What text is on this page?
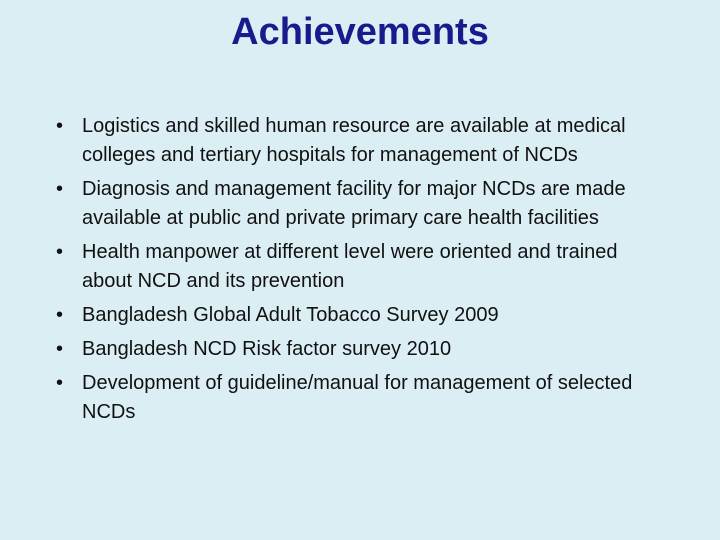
Achievements
• Logistics and skilled human resource are available at medical colleges and tertiary hospitals for management of NCDs
• Diagnosis and management facility for major NCDs are made available at public and private primary care health facilities
• Health manpower at different level were oriented and trained about NCD and its prevention
• Bangladesh Global Adult Tobacco Survey 2009
• Bangladesh NCD Risk factor survey 2010
• Development of guideline/manual for management of selected NCDs
